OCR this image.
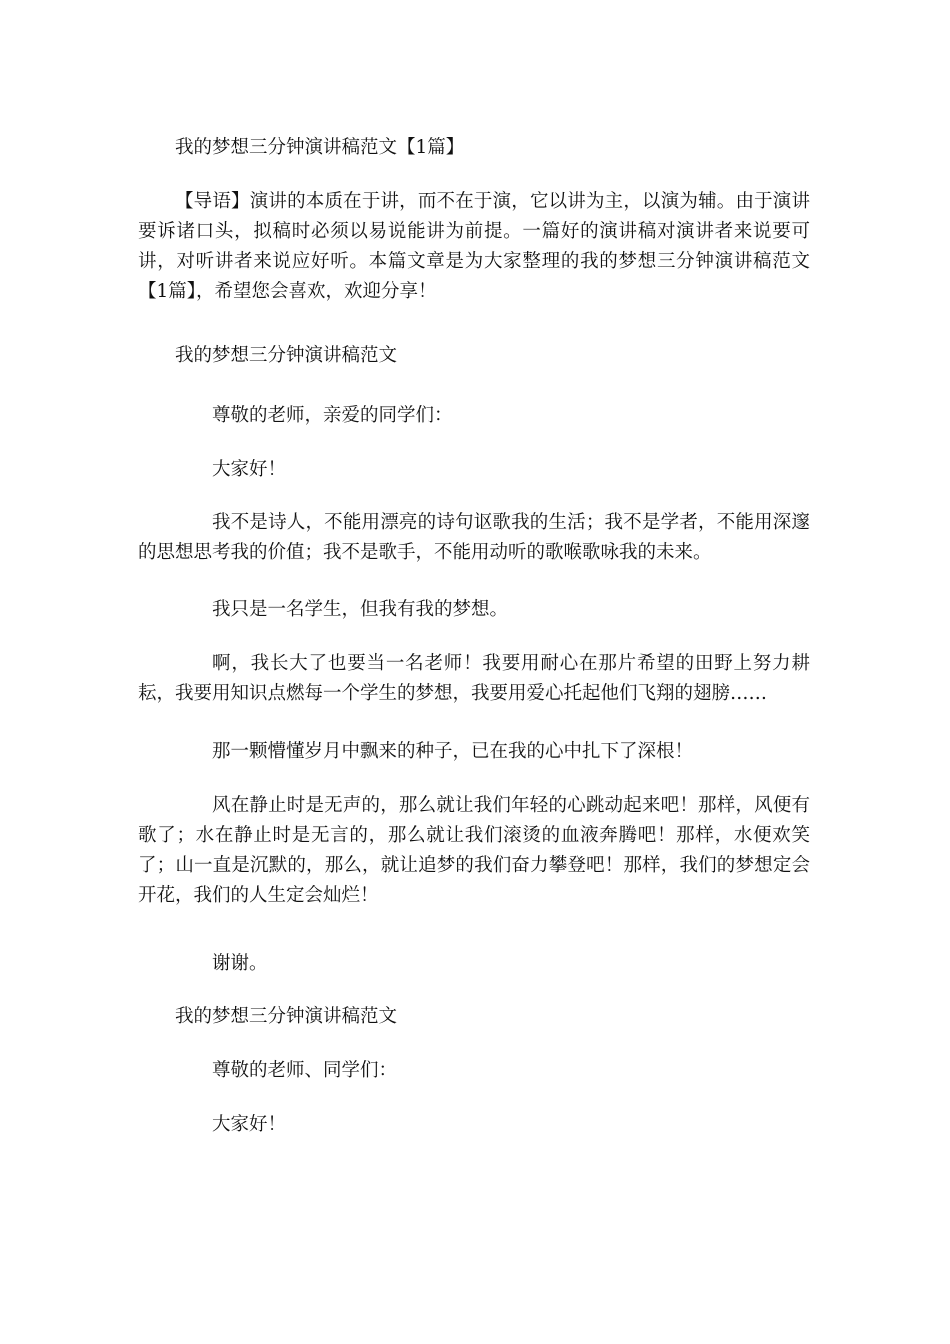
我的梦想三分钟演讲稿范文【1篇】

【导语】演讲的本质在于讲，而不在于演，它以讲为主，以演为辅。由于演讲要诉诸口头，拟稿时必须以易说能讲为前提。一篇好的演讲稿对演讲者来说要可讲，对听讲者来说应好听。本篇文章是为大家整理的我的梦想三分钟演讲稿范文【1篇】，希望您会喜欢，欢迎分享！

我的梦想三分钟演讲稿范文

尊敬的老师，亲爱的同学们：

大家好！

我不是诗人，不能用漂亮的诗句讴歌我的生活；我不是学者，不能用深邃的思想思考我的价值；我不是歌手，不能用动听的歌喉歌咏我的未来。

我只是一名学生，但我有我的梦想。

啊，我长大了也要当一名老师！我要用耐心在那片希望的田野上努力耕耘，我要用知识点燃每一个学生的梦想，我要用爱心托起他们飞翔的翅膀……

那一颗懵懂岁月中飘来的种子，已在我的心中扎下了深根！

风在静止时是无声的，那么就让我们年轻的心跳动起来吧！那样，风便有歌了；水在静止时是无言的，那么就让我们滚烫的血液奔腾吧！那样，水便欢笑了；山一直是沉默的，那么，就让追梦的我们奋力攀登吧！那样，我们的梦想定会开花，我们的人生定会灿烂！

谢谢。

我的梦想三分钟演讲稿范文

尊敬的老师、同学们：

大家好！
